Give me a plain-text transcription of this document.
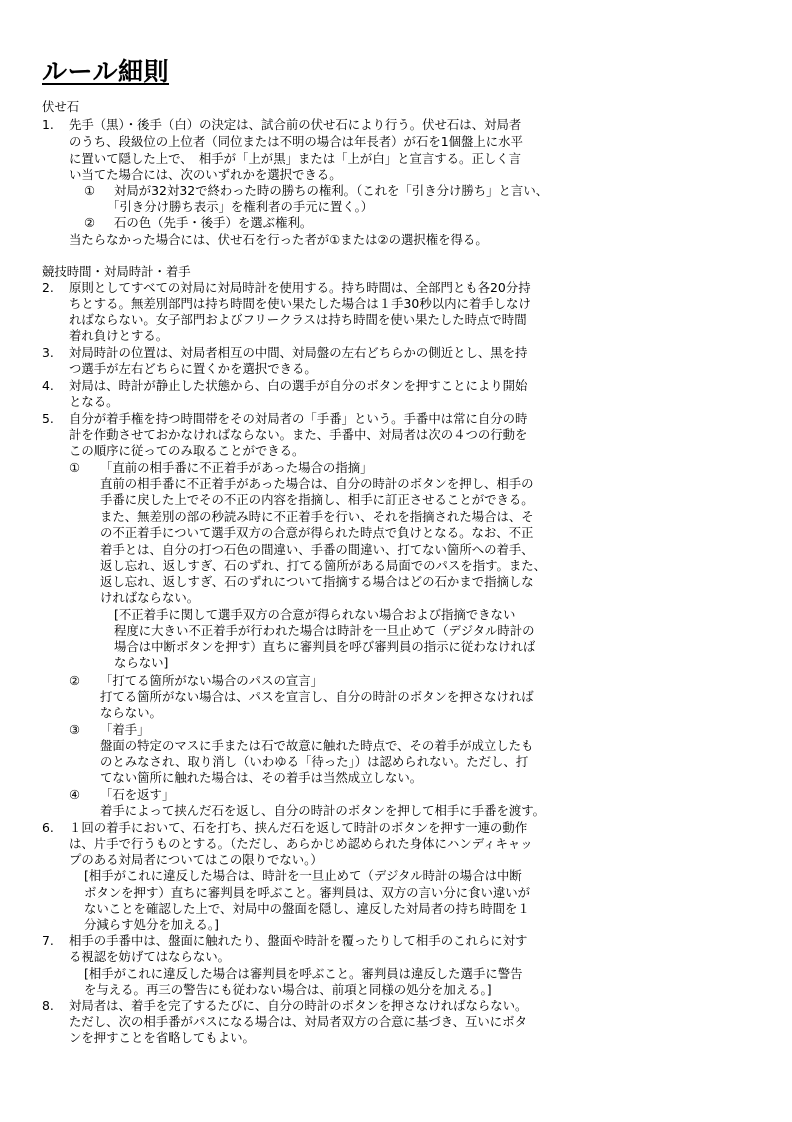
ルール細則
伏せ石
1. 先手（黒）・後手（白）の決定は、試合前の伏せ石により行う。伏せ石は、対局者
のうち、段級位の上位者（同位または不明の場合は年長者）が石を1個盤上に水平
に置いて隠した上で、　相手が「上が黒」または「上が白」と宣言する。正しく言
い当てた場合には、次のいずれかを選択できる。
① 対局が32対32で終わった時の勝ちの権利。（これを「引き分け勝ち」と言い、
「引き分け勝ち表示」を権利者の手元に置く。）
② 石の色（先手・後手）を選ぶ権利。
当たらなかった場合には、伏せ石を行った者が①または②の選択権を得る。
競技時間・対局時計・着手
2. 原則としてすべての対局に対局時計を使用する。持ち時間は、全部門とも各20分持
ちとする。無差別部門は持ち時間を使い果たした場合は１手30秒以内に着手しなけ
ればならない。女子部門およびフリークラスは持ち時間を使い果たした時点で時間
着れ負けとする。
3. 対局時計の位置は、対局者相互の中間、対局盤の左右どちらかの側近とし、黒を持
つ選手が左右どちらに置くかを選択できる。
4. 対局は、時計が静止した状態から、白の選手が自分のボタンを押すことにより開始
となる。
5. 自分が着手権を持つ時間帯をその対局者の「手番」という。手番中は常に自分の時
計を作動させておかなければならない。また、手番中、対局者は次の４つの行動を
この順序に従ってのみ取ることができる。
① 「直前の相手番に不正着手があった場合の指摘」
直前の相手番に不正着手があった場合は、自分の時計のボタンを押し、相手の
手番に戻した上でその不正の内容を指摘し、相手に訂正させることができる。
また、無差別の部の秒読み時に不正着手を行い、それを指摘された場合は、そ
の不正着手について選手双方の合意が得られた時点で負けとなる。なお、不正
着手とは、自分の打つ石色の間違い、手番の間違い、打てない箇所への着手、
返し忘れ、返しすぎ、石のずれ、打てる箇所がある局面でのパスを指す。また、
返し忘れ、返しすぎ、石のずれについて指摘する場合はどの石かまで指摘しな
ければならない。
[不正着手に関して選手双方の合意が得られない場合および指摘できない
程度に大きい不正着手が行われた場合は時計を一旦止めて（デジタル時計の
場合は中断ボタンを押す）直ちに審判員を呼び審判員の指示に従わなければ
ならない]
② 「打てる箇所がない場合のパスの宣言」
打てる箇所がない場合は、パスを宣言し、自分の時計のボタンを押さなければ
ならない。
③ 「着手」
盤面の特定のマスに手または石で故意に触れた時点で、その着手が成立したも
のとみなされ、取り消し（いわゆる「待った」）は認められない。ただし、打
てない箇所に触れた場合は、その着手は当然成立しない。
④ 「石を返す」
着手によって挟んだ石を返し、自分の時計のボタンを押して相手に手番を渡す。
6. １回の着手において、石を打ち、挟んだ石を返して時計のボタンを押す一連の動作
は、片手で行うものとする。（ただし、あらかじめ認められた身体にハンディキャッ
プのある対局者についてはこの限りでない。）
[相手がこれに違反した場合は、時計を一旦止めて（デジタル時計の場合は中断
ボタンを押す）直ちに審判員を呼ぶこと。審判員は、双方の言い分に食い違いが
ないことを確認した上で、対局中の盤面を隠し、違反した対局者の持ち時間を１
分減らす処分を加える。]
7. 相手の手番中は、盤面に触れたり、盤面や時計を覆ったりして相手のこれらに対す
る視認を妨げてはならない。
[相手がこれに違反した場合は審判員を呼ぶこと。審判員は違反した選手に警告
を与える。再三の警告にも従わない場合は、前項と同様の処分を加える。]
8. 対局者は、着手を完了するたびに、自分の時計のボタンを押さなければならない。
ただし、次の相手番がパスになる場合は、対局者双方の合意に基づき、互いにボタ
ンを押すことを省略してもよい。
